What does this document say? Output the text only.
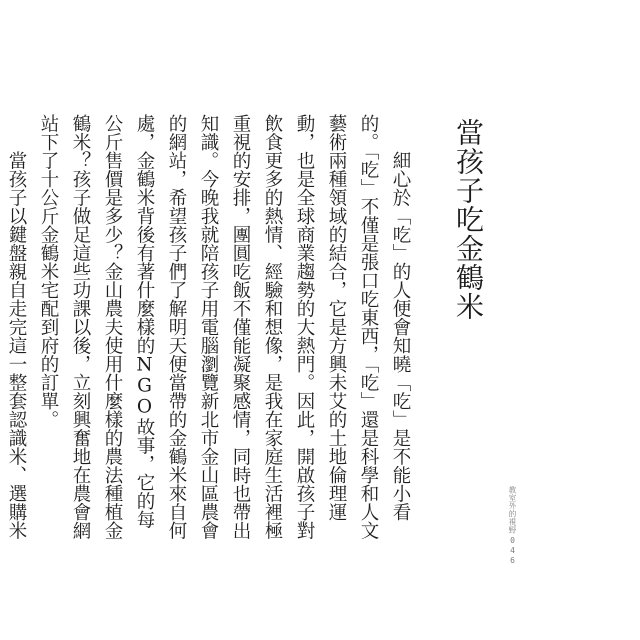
當孩子吃金鶴米

細心於「吃」的人便會知曉「吃」是不能小看的。「吃」不僅是張口吃東西，「吃」還是科學和人文藝術兩種領域的結合，它是方興未艾的土地倫理運動，也是全球商業趨勢的大熱門。因此，開啟孩子對飲食更多的熱情、經驗和想像，是我在家庭生活裡極重視的安排，團圓吃飯不僅能凝聚感情，同時也帶出知識。今晚我就陪孩子用電腦瀏覽新北市金山區農會的網站，希望孩子們了解明天便當帶的金鶴米來自何處，金鶴米背後有著什麼樣的NGO故事，它的每公斤售價是多少？金山農夫使用什麼樣的農法種植金鶴米？孩子做足這些功課以後，立刻興奮地在農會網站下了十公斤金鶴米宅配到府的訂單。

當孩子以鍵盤親自走完這一整套認識米、選購米	教室外的視野
046
